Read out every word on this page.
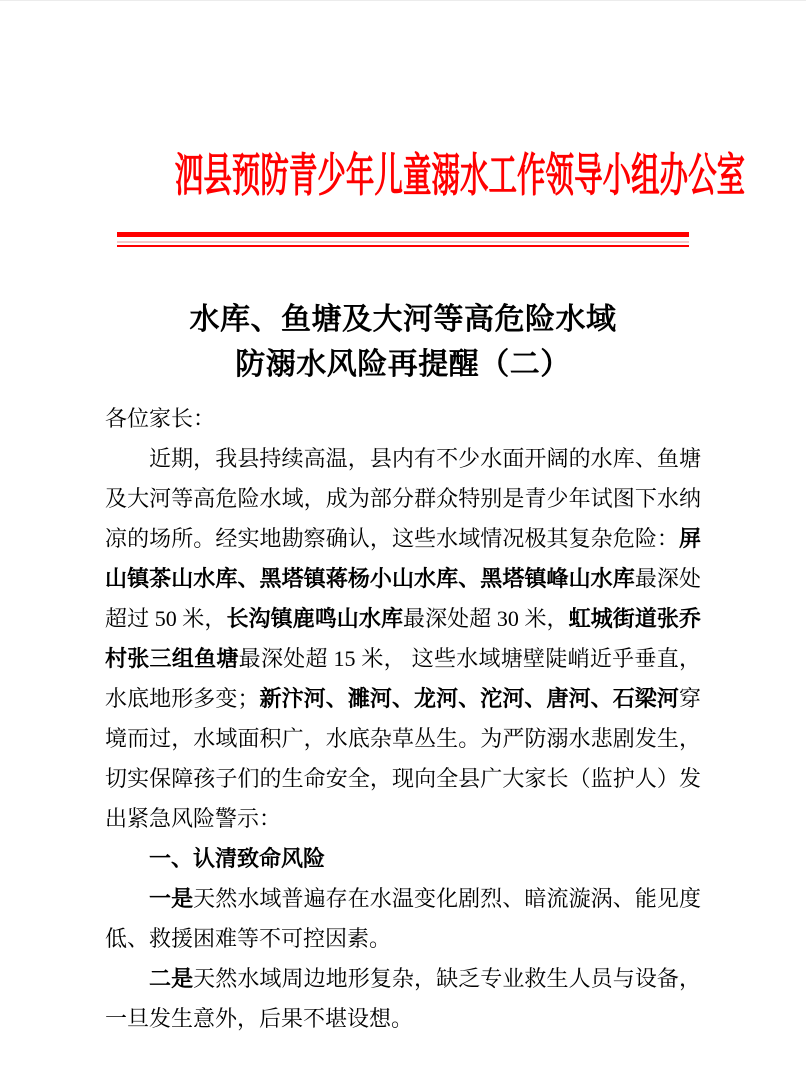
泗县预防青少年儿童溺水工作领导小组办公室
水库、鱼塘及大河等高危险水域
防溺水风险再提醒（二）

各位家长：

近期，我县持续高温，县内有不少水面开阔的水库、鱼塘及大河等高危险水域，成为部分群众特别是青少年试图下水纳凉的场所。经实地勘察确认，这些水域情况极其复杂危险：屏山镇茶山水库、黑塔镇蒋杨小山水库、黑塔镇峰山水库最深处超过 50 米，长沟镇鹿鸣山水库最深处超 30 米，虹城街道张乔村张三组鱼塘最深处超 15 米， 这些水域塘壁陡峭近乎垂直，水底地形多变；新汴河、濉河、龙河、沱河、唐河、石梁河穿境而过，水域面积广，水底杂草丛生。为严防溺水悲剧发生，切实保障孩子们的生命安全，现向全县广大家长（监护人）发出紧急风险警示：

一、认清致命风险

一是天然水域普遍存在水温变化剧烈、暗流漩涡、能见度低、救援困难等不可控因素。

二是天然水域周边地形复杂，缺乏专业救生人员与设备，一旦发生意外，后果不堪设想。
